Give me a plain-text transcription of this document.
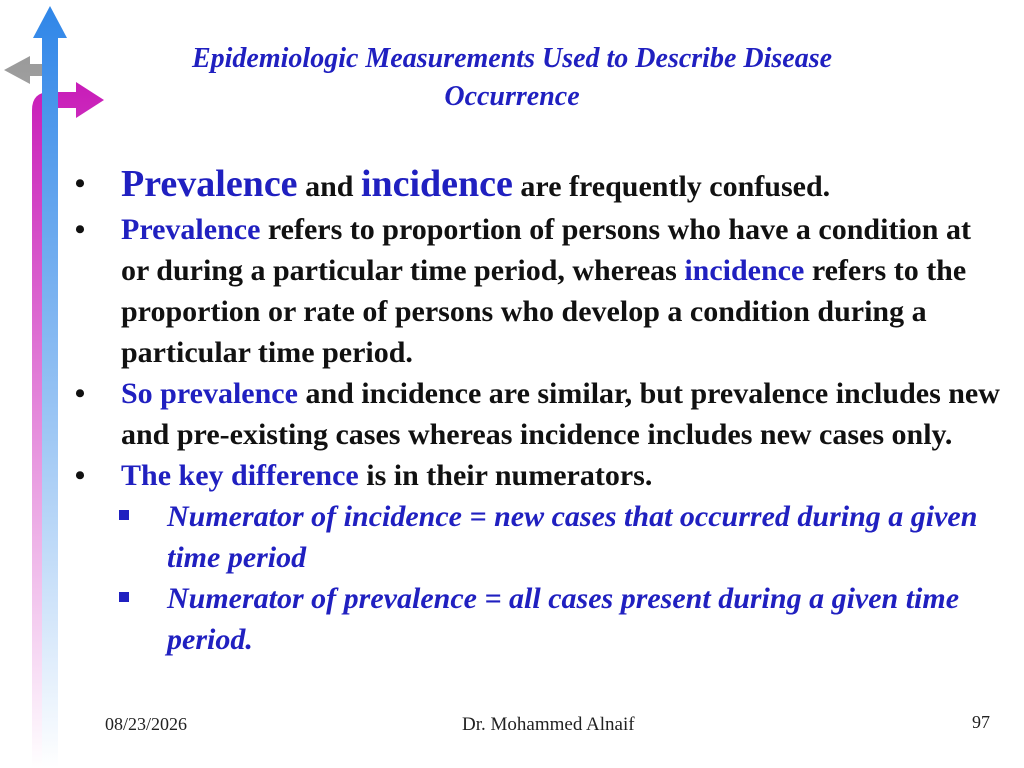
Epidemiologic Measurements Used to Describe Disease
Occurrence
• Prevalence and incidence are frequently confused.
• Prevalence refers to proportion of persons who have a condition at or during a particular time period, whereas incidence refers to the proportion or rate of persons who develop a condition during a particular time period.
• So prevalence and incidence are similar, but prevalence includes new and pre-existing cases whereas incidence includes new cases only.
• The key difference is in their numerators.
Numerator of incidence = new cases that occurred during a given time period
Numerator of prevalence = all cases present during a given time period.
08/23/2026	Dr. Mohammed Alnaif	97
